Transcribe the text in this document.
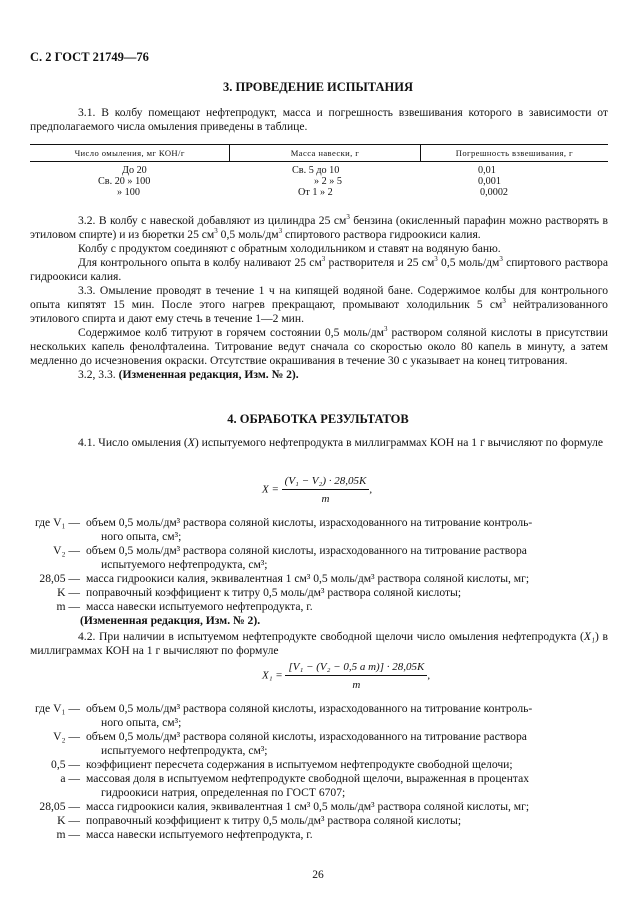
С. 2 ГОСТ 21749—76
3. ПРОВЕДЕНИЕ ИСПЫТАНИЯ

3.1. В колбу помещают нефтепродукт, масса и погрешность взвешивания которого в зависимости от предполагаемого числа омыления приведены в таблице.

Число омыления, мг КОН/г	Масса навески, г	Погрешность взвешивания, г
До 20
Св. 20 » 100
» 100
Св. 5 до 10
» 2 » 5
От 1 » 2
0,01
0,001
0,0002

3.2. В колбу с навеской добавляют из цилиндра 25 $см^3$ бензина (окисленный парафин можно растворять в этиловом спирте) и из бюретки 25 $см^3$ 0,5 моль/$дм^3$ спиртового раствора гидроокиси калия.

Колбу с продуктом соединяют с обратным холодильником и ставят на водяную баню.

Для контрольного опыта в колбу наливают 25 $см^3$ растворителя и 25 $см^3$ 0,5 моль/$дм^3$ спиртового раствора гидроокиси калия.

3.3. Омыление проводят в течение 1 ч на кипящей водяной бане. Содержимое колбы для контрольного опыта кипятят 15 мин. После этого нагрев прекращают, промывают холодильник 5 $см^3$ нейтрализованного этилового спирта и дают ему стечь в течение 1—2 мин.

Содержимое колб титруют в горячем состоянии 0,5 моль/$дм^3$ раствором соляной кислоты в присутствии нескольких капель фенолфталеина. Титрование ведут сначала со скоростью около 80 капель в минуту, а затем медленно до исчезновения окраски. Отсутствие окрашивания в течение 30 с указывает на конец титрования.

3.2, 3.3. (Измененная редакция, Изм. № 2).

4. ОБРАБОТКА РЕЗУЛЬТАТОВ

4.1. Число омыления (X) испытуемого нефтепродукта в миллиграммах КОН на 1 г вычисляют по формуле

$X = \frac{\text{(V₁ − V₂) · 28,05K}}{m}$ ,
где V₁ — объем 0,5 моль/дм³ раствора соляной кислоты, израсходованного на титрование контроль-
ного опыта, см³;
V₂ — объем 0,5 моль/дм³ раствора соляной кислоты, израсходованного на титрование раствора
испытуемого нефтепродукта, см³;
28,05 — масса гидроокиси калия, эквивалентная 1 см³ 0,5 моль/дм³ раствора соляной кислоты, мг;
K — поправочный коэффициент к титру 0,5 моль/дм³ раствора соляной кислоты;
m — масса навески испытуемого нефтепродукта, г.
(Измененная редакция, Изм. № 2).

4.2. При наличии в испытуемом нефтепродукте свободной щелочи число омыления нефтепродукта (X₁) в миллиграммах КОН на 1 г вычисляют по формуле

$X_1 = \frac{\text{[V₁ − (V₂ − 0,5 a m)] · 28,05K}}{m}$ ,
где V₁ — объем 0,5 моль/дм³ раствора соляной кислоты, израсходованного на титрование контроль-
ного опыта, см³;
V₂ — объем 0,5 моль/дм³ раствора соляной кислоты, израсходованного на титрование раствора
испытуемого нефтепродукта, см³;
0,5 — коэффициент пересчета содержания в испытуемом нефтепродукте свободной щелочи;
a — массовая доля в испытуемом нефтепродукте свободной щелочи, выраженная в процентах
гидроокиси натрия, определенная по ГОСТ 6707;
28,05 — масса гидроокиси калия, эквивалентная 1 см³ 0,5 моль/дм³ раствора соляной кислоты, мг;
K — поправочный коэффициент к титру 0,5 моль/дм³ раствора соляной кислоты;
m — масса навески испытуемого нефтепродукта, г.
26
